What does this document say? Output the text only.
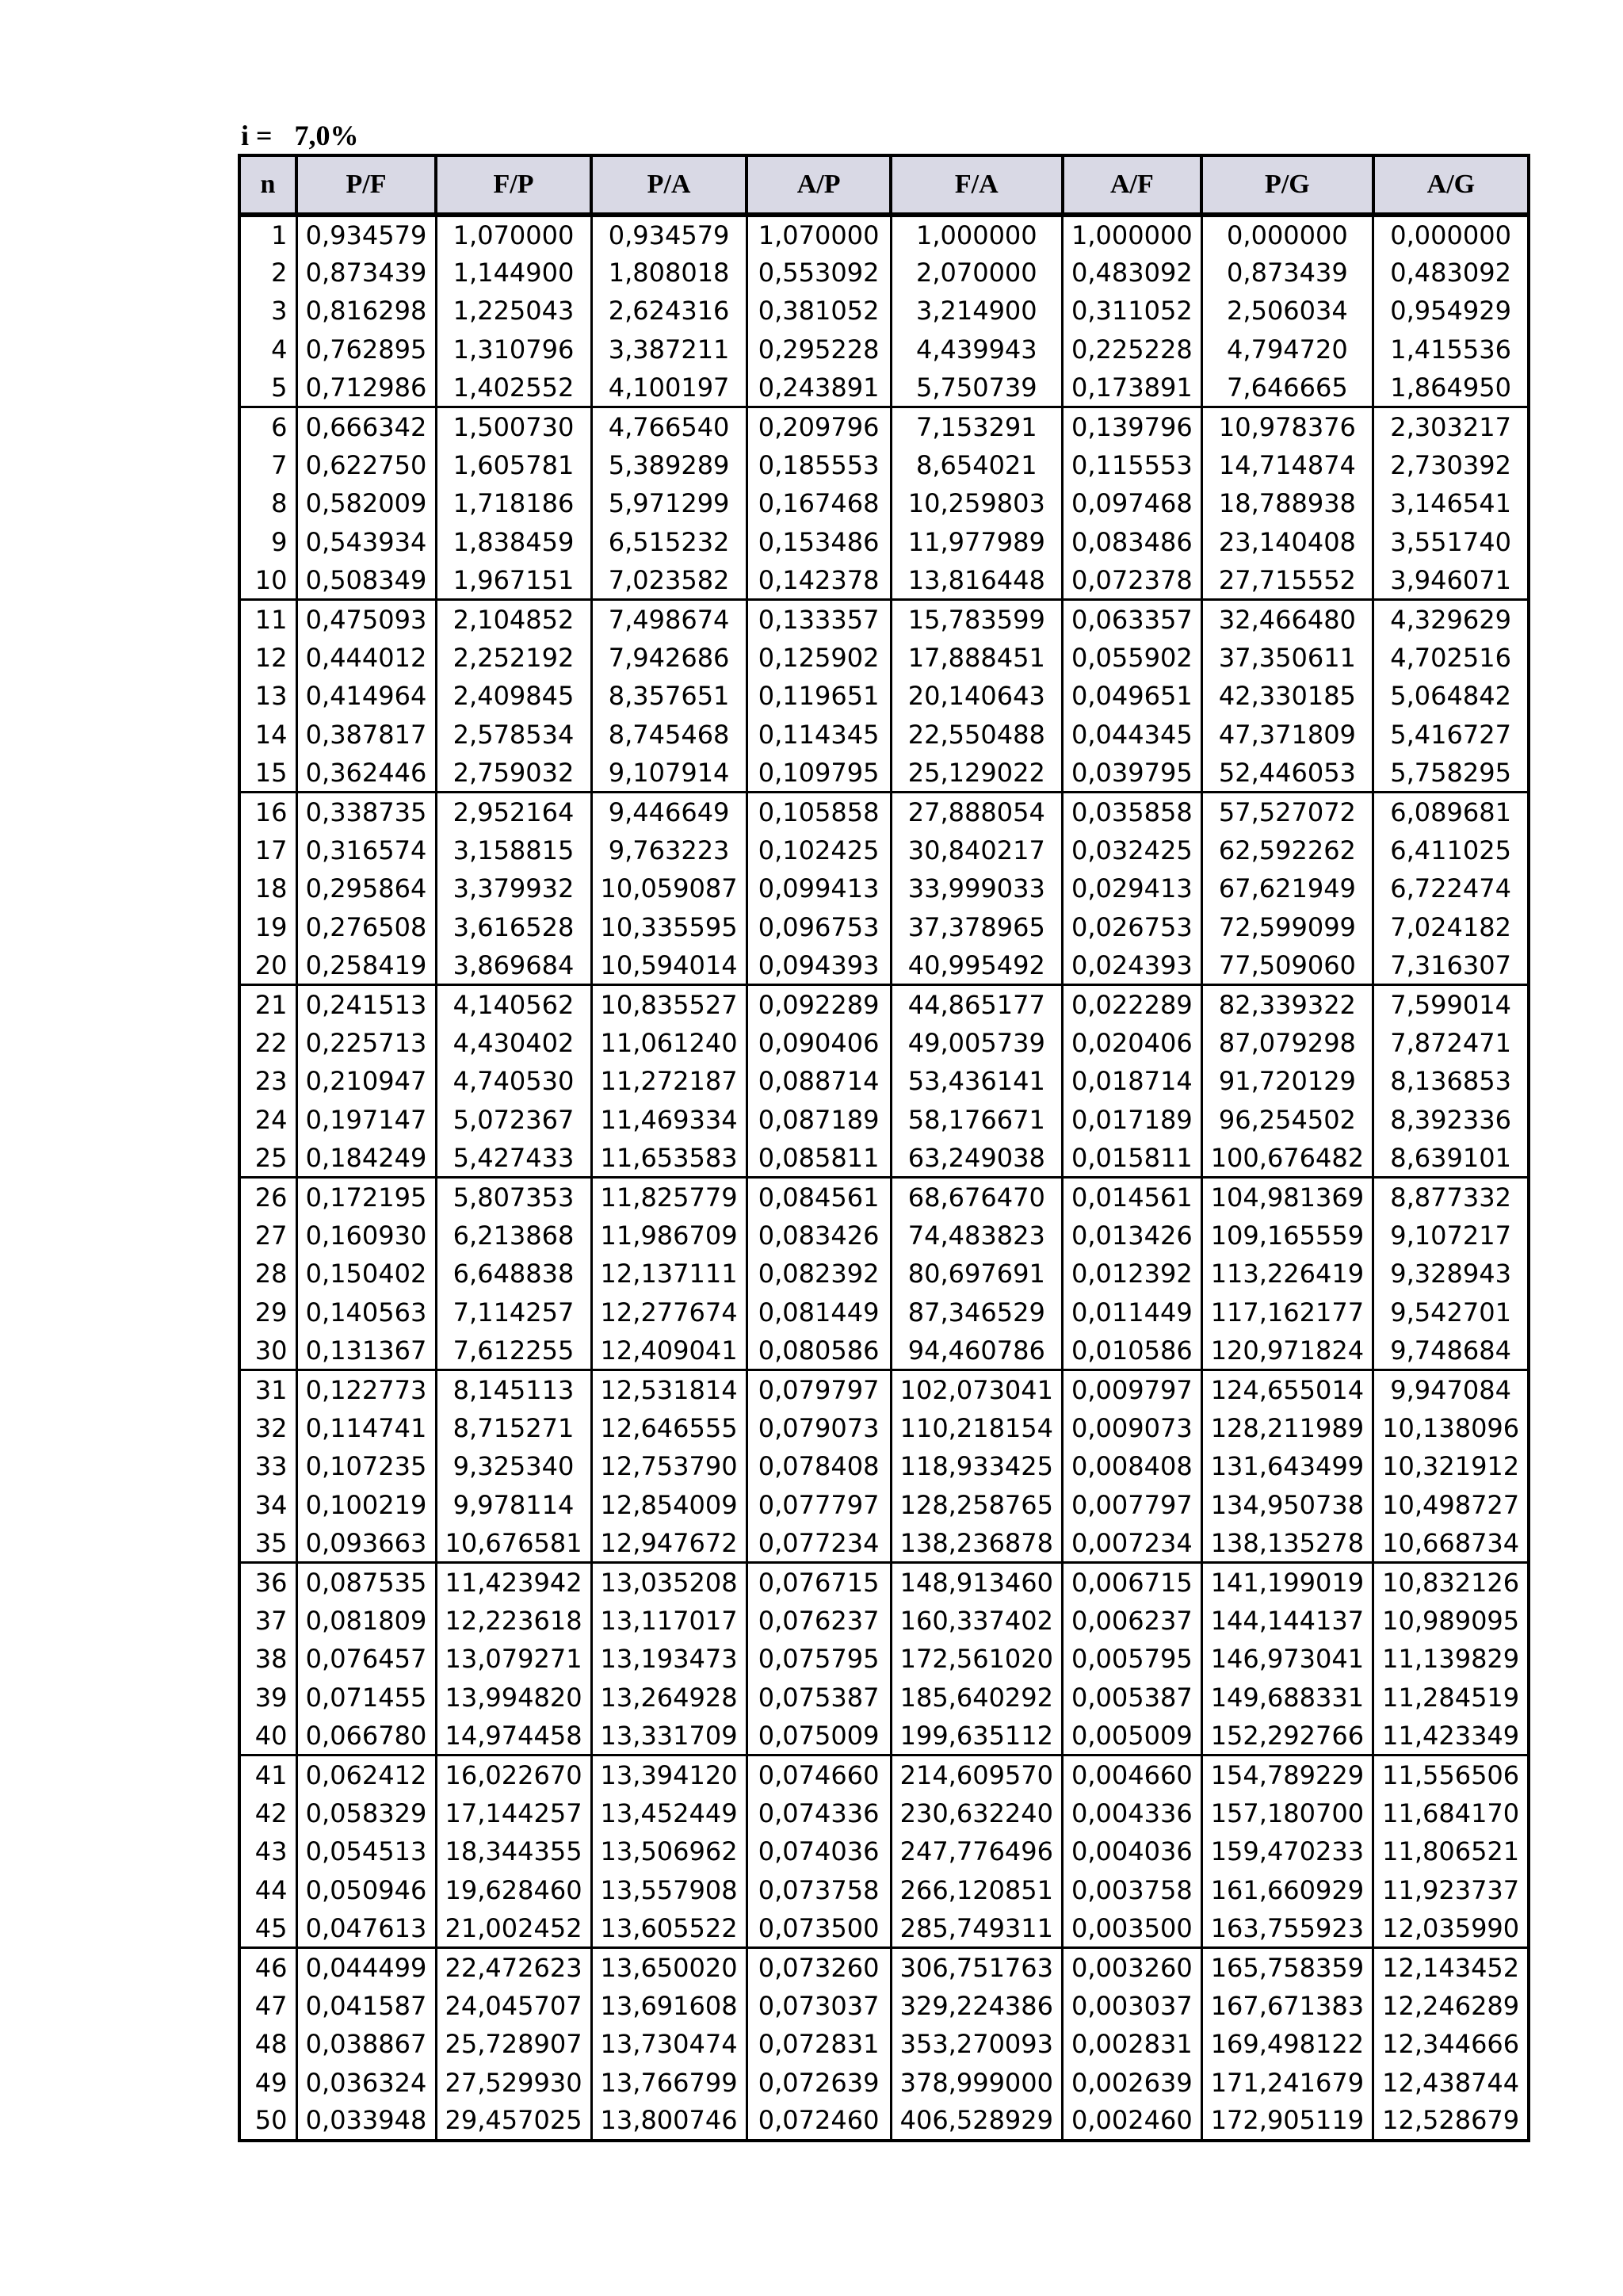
i = 7,0%
n	P/F	F/P	P/A	A/P	F/A	A/F	P/G	A/G
1	0,934579	1,070000	0,934579	1,070000	1,000000	1,000000	0,000000	0,000000
2	0,873439	1,144900	1,808018	0,553092	2,070000	0,483092	0,873439	0,483092
3	0,816298	1,225043	2,624316	0,381052	3,214900	0,311052	2,506034	0,954929
4	0,762895	1,310796	3,387211	0,295228	4,439943	0,225228	4,794720	1,415536
5	0,712986	1,402552	4,100197	0,243891	5,750739	0,173891	7,646665	1,864950
6	0,666342	1,500730	4,766540	0,209796	7,153291	0,139796	10,978376	2,303217
7	0,622750	1,605781	5,389289	0,185553	8,654021	0,115553	14,714874	2,730392
8	0,582009	1,718186	5,971299	0,167468	10,259803	0,097468	18,788938	3,146541
9	0,543934	1,838459	6,515232	0,153486	11,977989	0,083486	23,140408	3,551740
10	0,508349	1,967151	7,023582	0,142378	13,816448	0,072378	27,715552	3,946071
11	0,475093	2,104852	7,498674	0,133357	15,783599	0,063357	32,466480	4,329629
12	0,444012	2,252192	7,942686	0,125902	17,888451	0,055902	37,350611	4,702516
13	0,414964	2,409845	8,357651	0,119651	20,140643	0,049651	42,330185	5,064842
14	0,387817	2,578534	8,745468	0,114345	22,550488	0,044345	47,371809	5,416727
15	0,362446	2,759032	9,107914	0,109795	25,129022	0,039795	52,446053	5,758295
16	0,338735	2,952164	9,446649	0,105858	27,888054	0,035858	57,527072	6,089681
17	0,316574	3,158815	9,763223	0,102425	30,840217	0,032425	62,592262	6,411025
18	0,295864	3,379932	10,059087	0,099413	33,999033	0,029413	67,621949	6,722474
19	0,276508	3,616528	10,335595	0,096753	37,378965	0,026753	72,599099	7,024182
20	0,258419	3,869684	10,594014	0,094393	40,995492	0,024393	77,509060	7,316307
21	0,241513	4,140562	10,835527	0,092289	44,865177	0,022289	82,339322	7,599014
22	0,225713	4,430402	11,061240	0,090406	49,005739	0,020406	87,079298	7,872471
23	0,210947	4,740530	11,272187	0,088714	53,436141	0,018714	91,720129	8,136853
24	0,197147	5,072367	11,469334	0,087189	58,176671	0,017189	96,254502	8,392336
25	0,184249	5,427433	11,653583	0,085811	63,249038	0,015811	100,676482	8,639101
26	0,172195	5,807353	11,825779	0,084561	68,676470	0,014561	104,981369	8,877332
27	0,160930	6,213868	11,986709	0,083426	74,483823	0,013426	109,165559	9,107217
28	0,150402	6,648838	12,137111	0,082392	80,697691	0,012392	113,226419	9,328943
29	0,140563	7,114257	12,277674	0,081449	87,346529	0,011449	117,162177	9,542701
30	0,131367	7,612255	12,409041	0,080586	94,460786	0,010586	120,971824	9,748684
31	0,122773	8,145113	12,531814	0,079797	102,073041	0,009797	124,655014	9,947084
32	0,114741	8,715271	12,646555	0,079073	110,218154	0,009073	128,211989	10,138096
33	0,107235	9,325340	12,753790	0,078408	118,933425	0,008408	131,643499	10,321912
34	0,100219	9,978114	12,854009	0,077797	128,258765	0,007797	134,950738	10,498727
35	0,093663	10,676581	12,947672	0,077234	138,236878	0,007234	138,135278	10,668734
36	0,087535	11,423942	13,035208	0,076715	148,913460	0,006715	141,199019	10,832126
37	0,081809	12,223618	13,117017	0,076237	160,337402	0,006237	144,144137	10,989095
38	0,076457	13,079271	13,193473	0,075795	172,561020	0,005795	146,973041	11,139829
39	0,071455	13,994820	13,264928	0,075387	185,640292	0,005387	149,688331	11,284519
40	0,066780	14,974458	13,331709	0,075009	199,635112	0,005009	152,292766	11,423349
41	0,062412	16,022670	13,394120	0,074660	214,609570	0,004660	154,789229	11,556506
42	0,058329	17,144257	13,452449	0,074336	230,632240	0,004336	157,180700	11,684170
43	0,054513	18,344355	13,506962	0,074036	247,776496	0,004036	159,470233	11,806521
44	0,050946	19,628460	13,557908	0,073758	266,120851	0,003758	161,660929	11,923737
45	0,047613	21,002452	13,605522	0,073500	285,749311	0,003500	163,755923	12,035990
46	0,044499	22,472623	13,650020	0,073260	306,751763	0,003260	165,758359	12,143452
47	0,041587	24,045707	13,691608	0,073037	329,224386	0,003037	167,671383	12,246289
48	0,038867	25,728907	13,730474	0,072831	353,270093	0,002831	169,498122	12,344666
49	0,036324	27,529930	13,766799	0,072639	378,999000	0,002639	171,241679	12,438744
50	0,033948	29,457025	13,800746	0,072460	406,528929	0,002460	172,905119	12,528679
